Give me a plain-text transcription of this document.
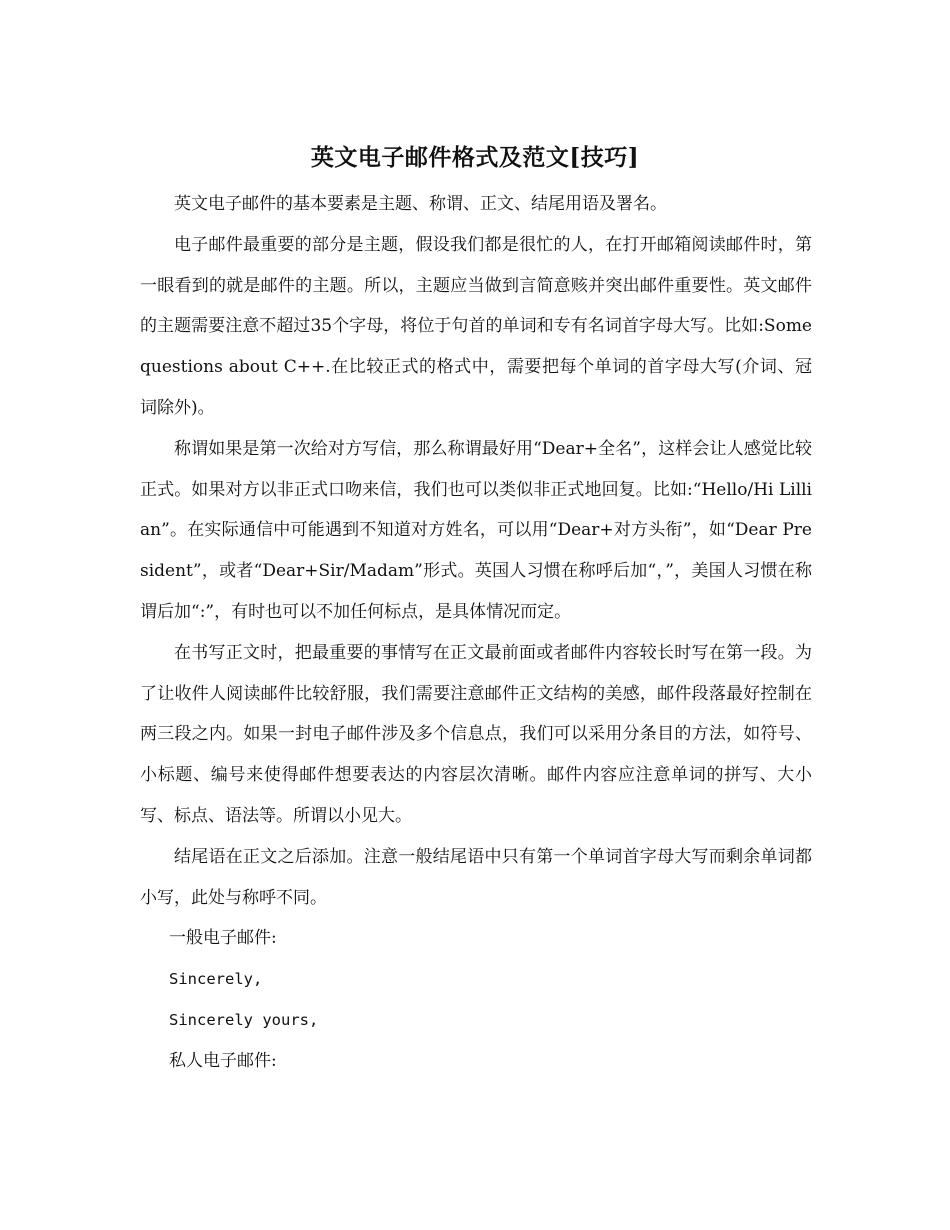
英文电子邮件格式及范文[技巧]

英文电子邮件的基本要素是主题、称谓、正文、结尾用语及署名。

电子邮件最重要的部分是主题，假设我们都是很忙的人，在打开邮箱阅读邮件时，第一眼看到的就是邮件的主题。所以，主题应当做到言简意赅并突出邮件重要性。英文邮件的主题需要注意不超过35个字母，将位于句首的单词和专有名词首字母大写。比如:Some questions about C++.在比较正式的格式中，需要把每个单词的首字母大写(介词、冠词除外)。

称谓如果是第一次给对方写信，那么称谓最好用“Dear+全名”，这样会让人感觉比较正式。如果对方以非正式口吻来信，我们也可以类似非正式地回复。比如:“Hello/Hi Lillian”。在实际通信中可能遇到不知道对方姓名，可以用“Dear+对方头衔”，如“Dear President”，或者“Dear+Sir/Madam”形式。英国人习惯在称呼后加“，”，美国人习惯在称谓后加“:”，有时也可以不加任何标点，是具体情况而定。

在书写正文时，把最重要的事情写在正文最前面或者邮件内容较长时写在第一段。为了让收件人阅读邮件比较舒服，我们需要注意邮件正文结构的美感，邮件段落最好控制在两三段之内。如果一封电子邮件涉及多个信息点，我们可以采用分条目的方法，如符号、小标题、编号来使得邮件想要表达的内容层次清晰。邮件内容应注意单词的拼写、大小写、标点、语法等。所谓以小见大。

结尾语在正文之后添加。注意一般结尾语中只有第一个单词首字母大写而剩余单词都小写，此处与称呼不同。

一般电子邮件:

Sincerely,

Sincerely yours,

私人电子邮件:
